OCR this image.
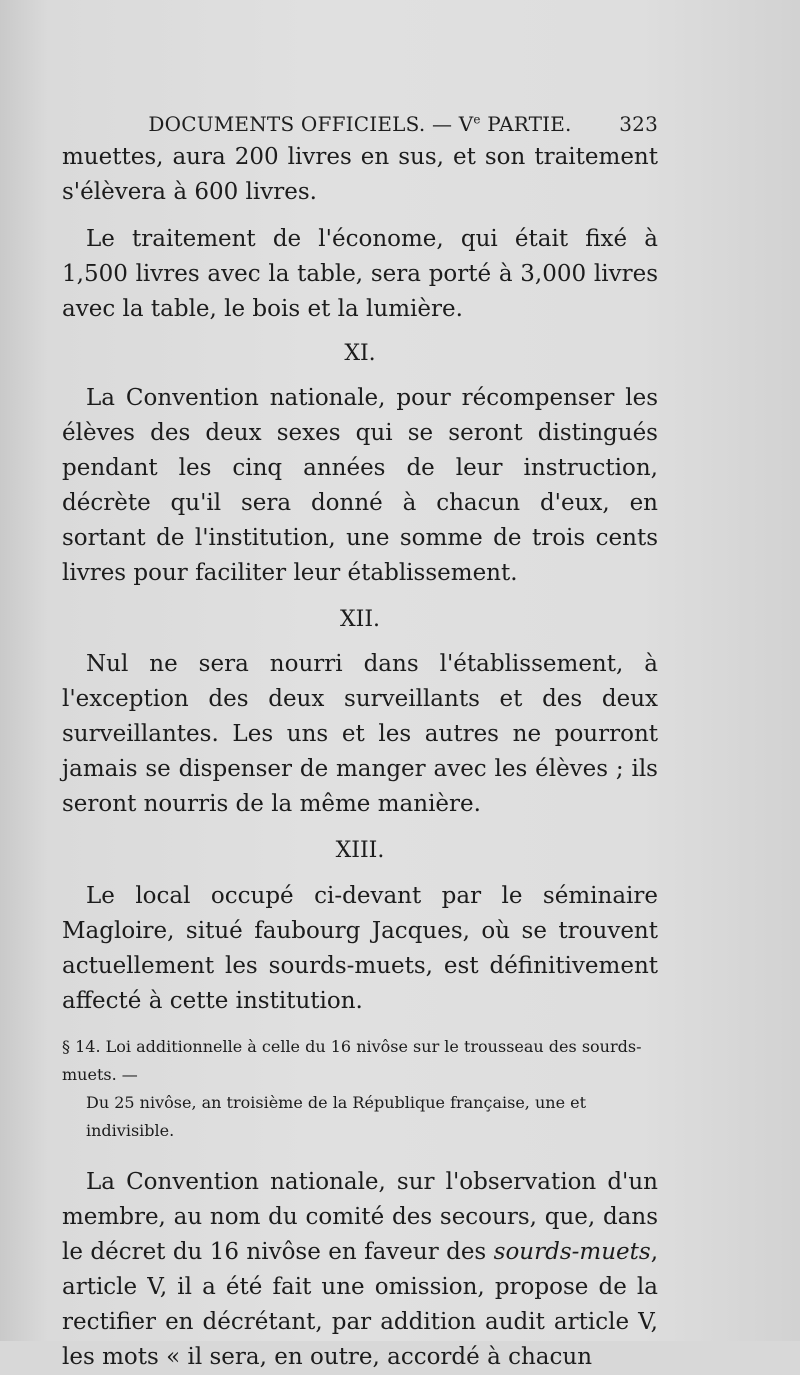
DOCUMENTS OFFICIELS. — Ve PARTIE.	323

muettes, aura 200 livres en sus, et son traitement s'élèvera à 600 livres.

Le traitement de l'économe, qui était fixé à 1,500 livres avec la table, sera porté à 3,000 livres avec la table, le bois et la lumière.

XI.

La Convention nationale, pour récompenser les élèves des deux sexes qui se seront distingués pendant les cinq années de leur instruction, décrète qu'il sera donné à chacun d'eux, en sortant de l'institution, une somme de trois cents livres pour faciliter leur établissement.

XII.

Nul ne sera nourri dans l'établissement, à l'exception des deux surveillants et des deux surveillantes. Les uns et les autres ne pourront jamais se dispenser de manger avec les élèves ; ils seront nourris de la même manière.

XIII.

Le local occupé ci-devant par le séminaire Magloire, situé faubourg Jacques, où se trouvent actuellement les sourds-muets, est définitivement affecté à cette institution.

§ 14. Loi additionnelle à celle du 16 nivôse sur le trousseau des sourds-muets. —
Du 25 nivôse, an troisième de la République française, une et indivisible.

La Convention nationale, sur l'observation d'un membre, au nom du comité des secours, que, dans le décret du 16 nivôse en faveur des sourds-muets, article V, il a été fait une omission, propose de la rectifier en décrétant, par addition audit article V, les mots « il sera, en outre, accordé à chacun
